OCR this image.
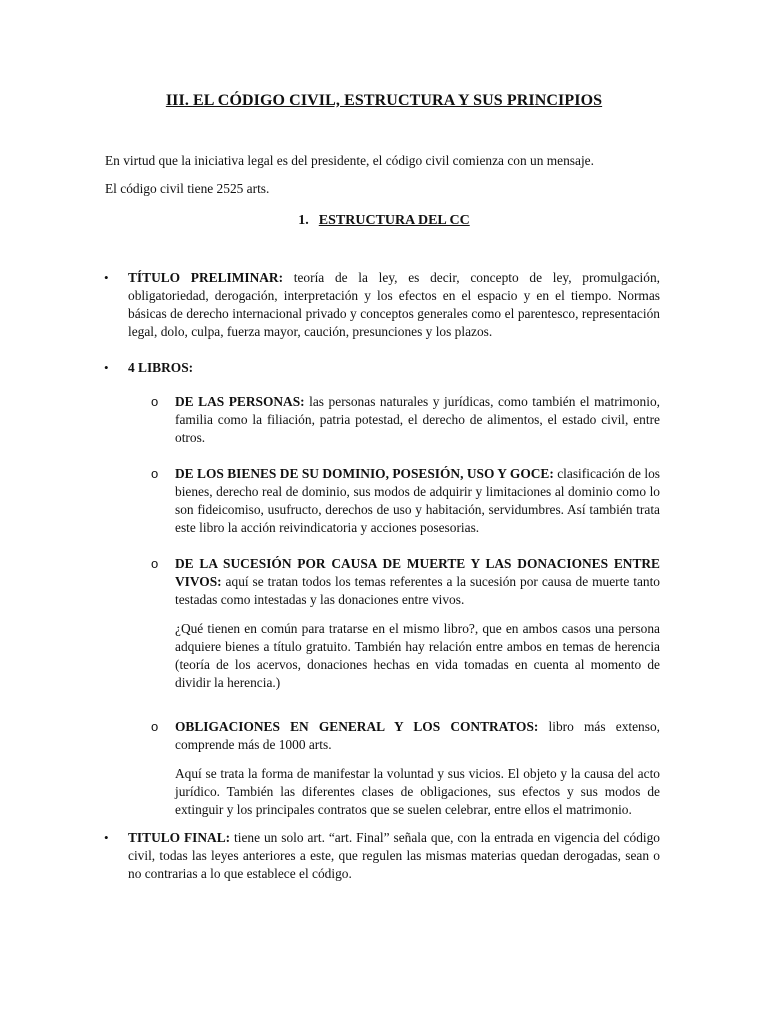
III. EL CÓDIGO CIVIL, ESTRUCTURA Y SUS PRINCIPIOS

En virtud que la iniciativa legal es del presidente, el código civil comienza con un mensaje.

El código civil tiene 2525 arts.

1. ESTRUCTURA DEL CC
• TÍTULO PRELIMINAR: teoría de la ley, es decir, concepto de ley, promulgación, obligatoriedad, derogación, interpretación y los efectos en el espacio y en el tiempo. Normas básicas de derecho internacional privado y conceptos generales como el parentesco, representación legal, dolo, culpa, fuerza mayor, caución, presunciones y los plazos.
• 4 LIBROS:
o DE LAS PERSONAS: las personas naturales y jurídicas, como también el matrimonio, familia como la filiación, patria potestad, el derecho de alimentos, el estado civil, entre otros.
o DE LOS BIENES DE SU DOMINIO, POSESIÓN, USO Y GOCE: clasificación de los bienes, derecho real de dominio, sus modos de adquirir y limitaciones al dominio como lo son fideicomiso, usufructo, derechos de uso y habitación, servidumbres. Así también trata este libro la acción reivindicatoria y acciones posesorias.
o DE LA SUCESIÓN POR CAUSA DE MUERTE Y LAS DONACIONES ENTRE VIVOS: aquí se tratan todos los temas referentes a la sucesión por causa de muerte tanto testadas como intestadas y las donaciones entre vivos.
¿Qué tienen en común para tratarse en el mismo libro?, que en ambos casos una persona adquiere bienes a título gratuito. También hay relación entre ambos en temas de herencia (teoría de los acervos, donaciones hechas en vida tomadas en cuenta al momento de dividir la herencia.)
o OBLIGACIONES EN GENERAL Y LOS CONTRATOS: libro más extenso, comprende más de 1000 arts.
Aquí se trata la forma de manifestar la voluntad y sus vicios. El objeto y la causa del acto jurídico. También las diferentes clases de obligaciones, sus efectos y sus modos de extinguir y los principales contratos que se suelen celebrar, entre ellos el matrimonio.
• TITULO FINAL: tiene un solo art. “art. Final” señala que, con la entrada en vigencia del código civil, todas las leyes anteriores a este, que regulen las mismas materias quedan derogadas, sean o no contrarias a lo que establece el código.
